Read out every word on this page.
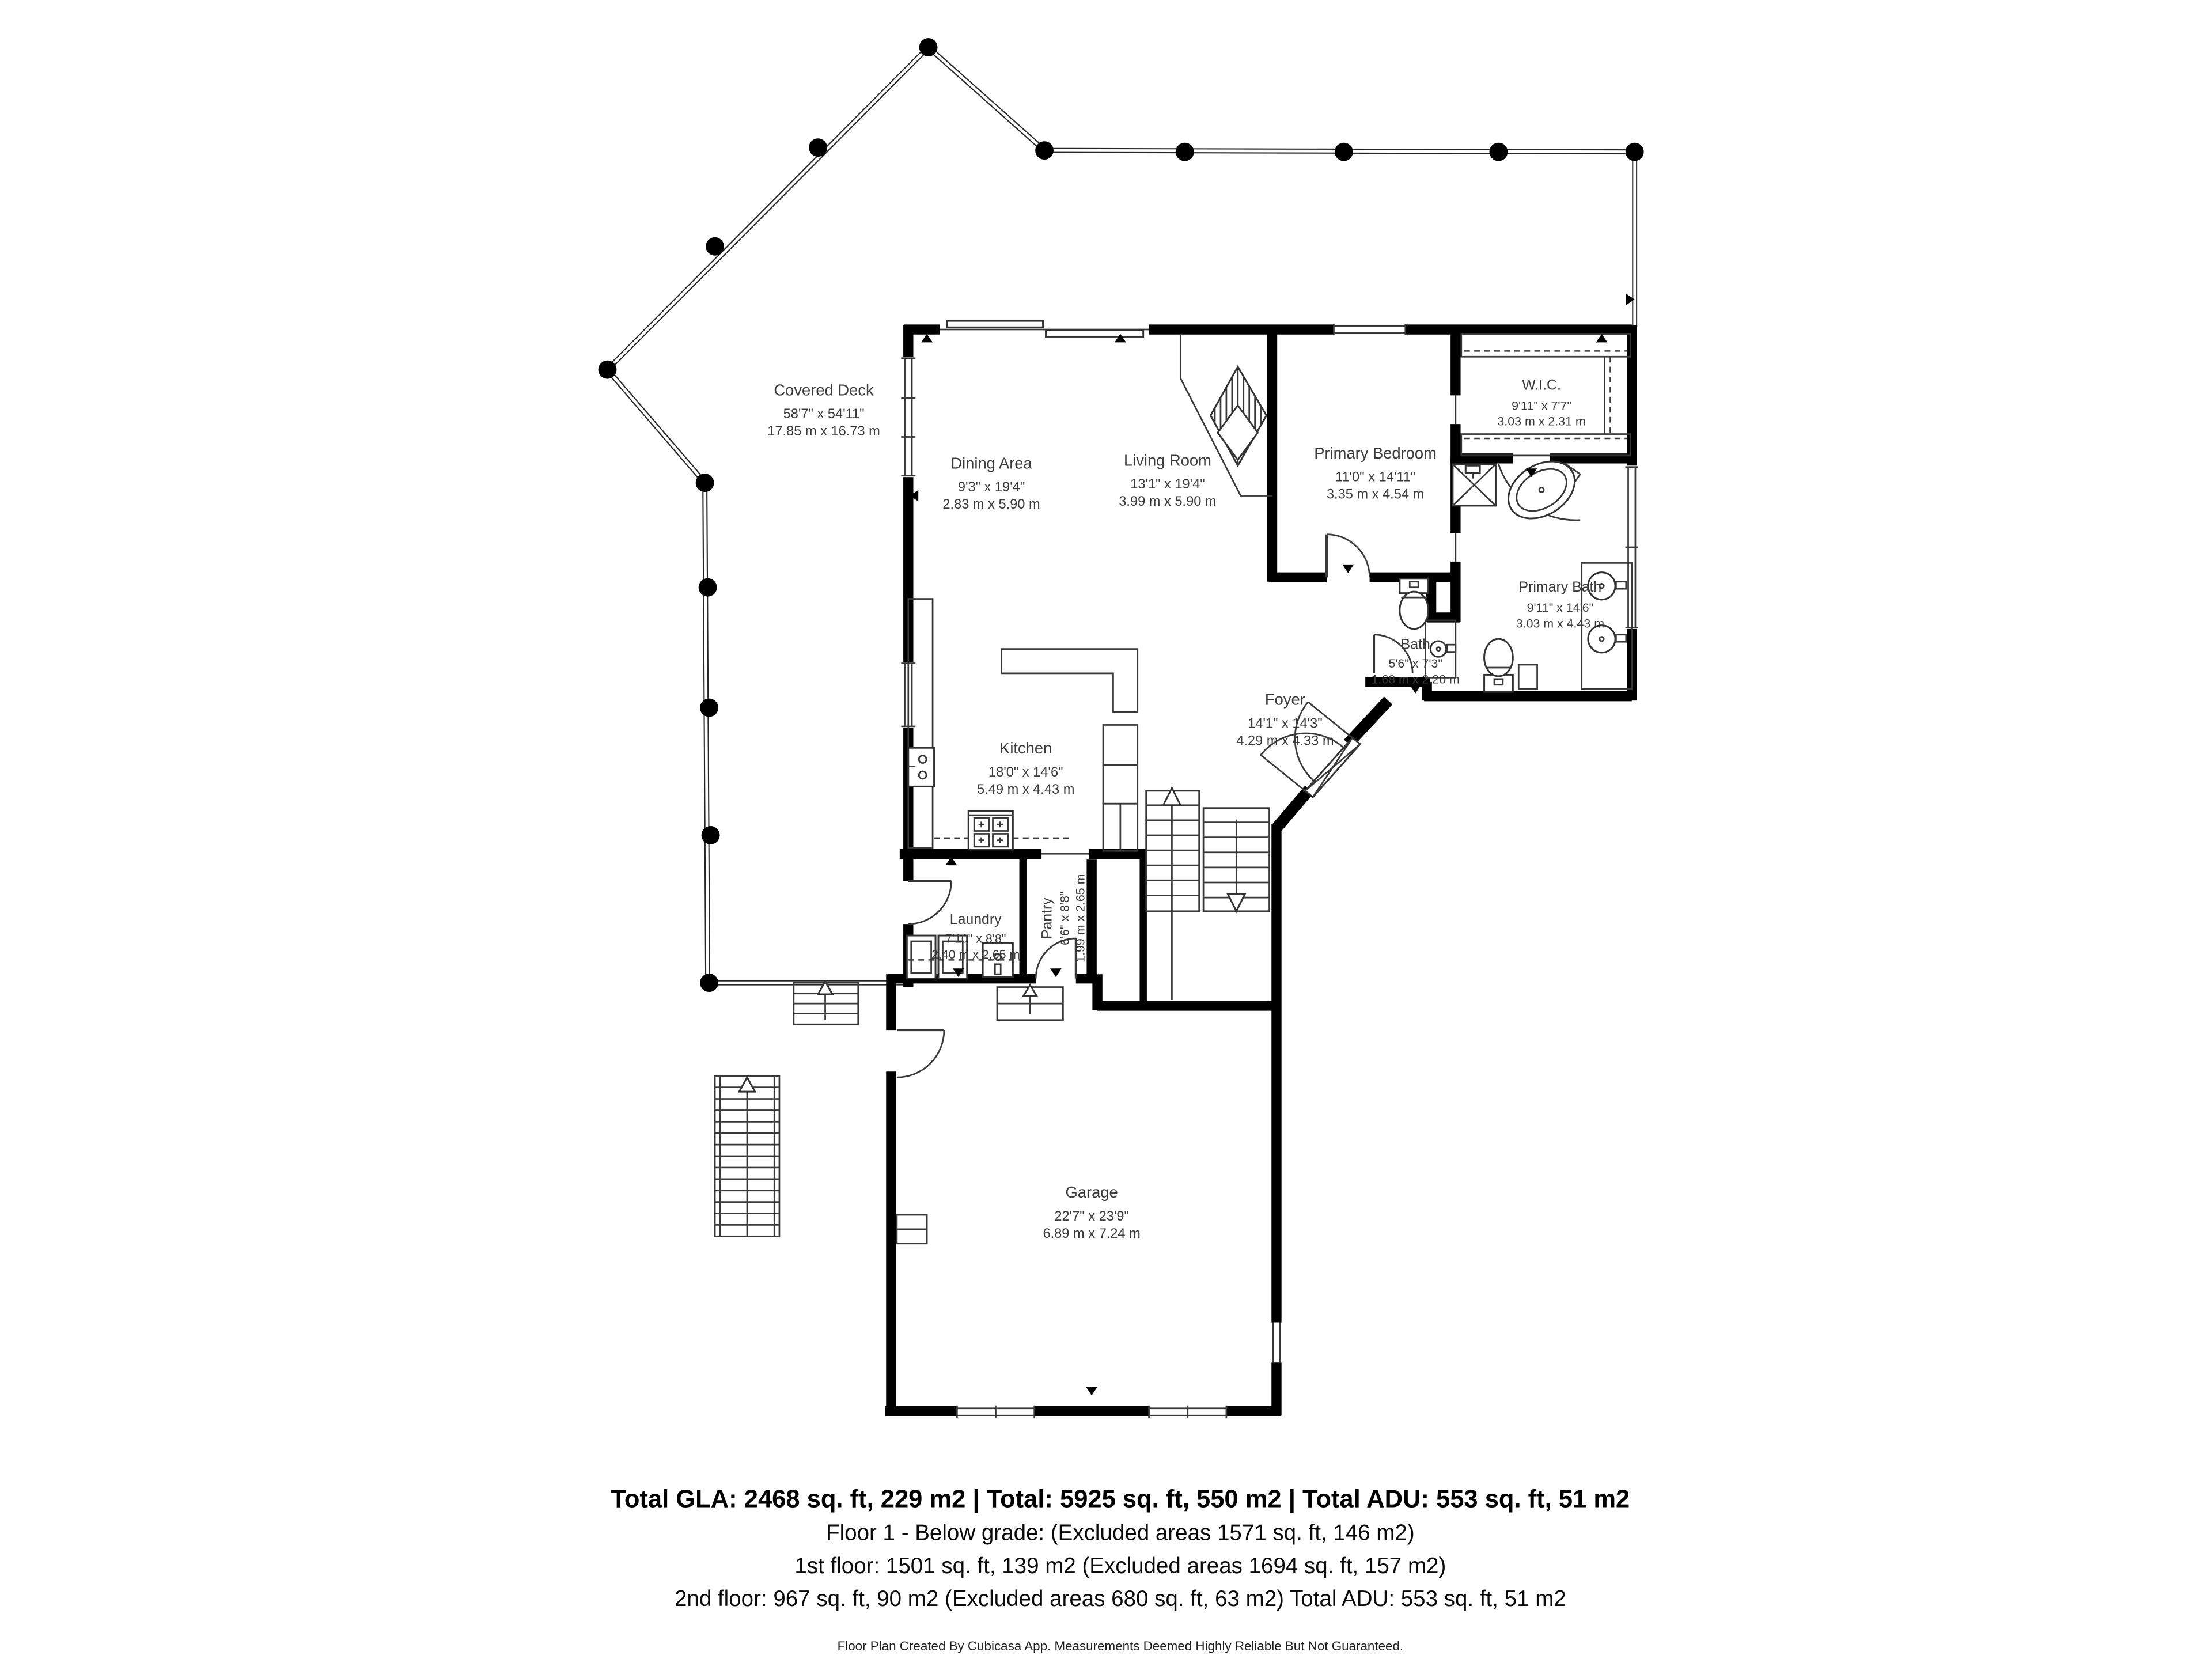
Covered Deck
58'7" x 54'11"
17.85 m x 16.73 m
Dining Area
9'3" x 19'4"
2.83 m x 5.90 m
Living Room
13'1" x 19'4"
3.99 m x 5.90 m
Primary Bedroom
11'0" x 14'11"
3.35 m x 4.54 m
W.I.C.
9'11" x 7'7"
3.03 m x 2.31 m
Primary Bath
9'11" x 14'6"
3.03 m x 4.43 m
Bath
5'6" x 7'3"
1.68 m x 2.20 m
Foyer
14'1" x 14'3"
4.29 m x 4.33 m
Kitchen
18'0" x 14'6"
5.49 m x 4.43 m
Laundry
7'10" x 8'8"
2.40 m x 2.65 m
Pantry 6'6" x 8'8" 1.99 m x 2.65 m
Garage
22'7" x 23'9"
6.89 m x 7.24 m
Total GLA: 2468 sq. ft, 229 m2 | Total: 5925 sq. ft, 550 m2 | Total ADU: 553 sq. ft, 51 m2
Floor 1 - Below grade: (Excluded areas 1571 sq. ft, 146 m2)
1st floor: 1501 sq. ft, 139 m2 (Excluded areas 1694 sq. ft, 157 m2)
2nd floor: 967 sq. ft, 90 m2 (Excluded areas 680 sq. ft, 63 m2) Total ADU: 553 sq. ft, 51 m2
Floor Plan Created By Cubicasa App. Measurements Deemed Highly Reliable But Not Guaranteed.
